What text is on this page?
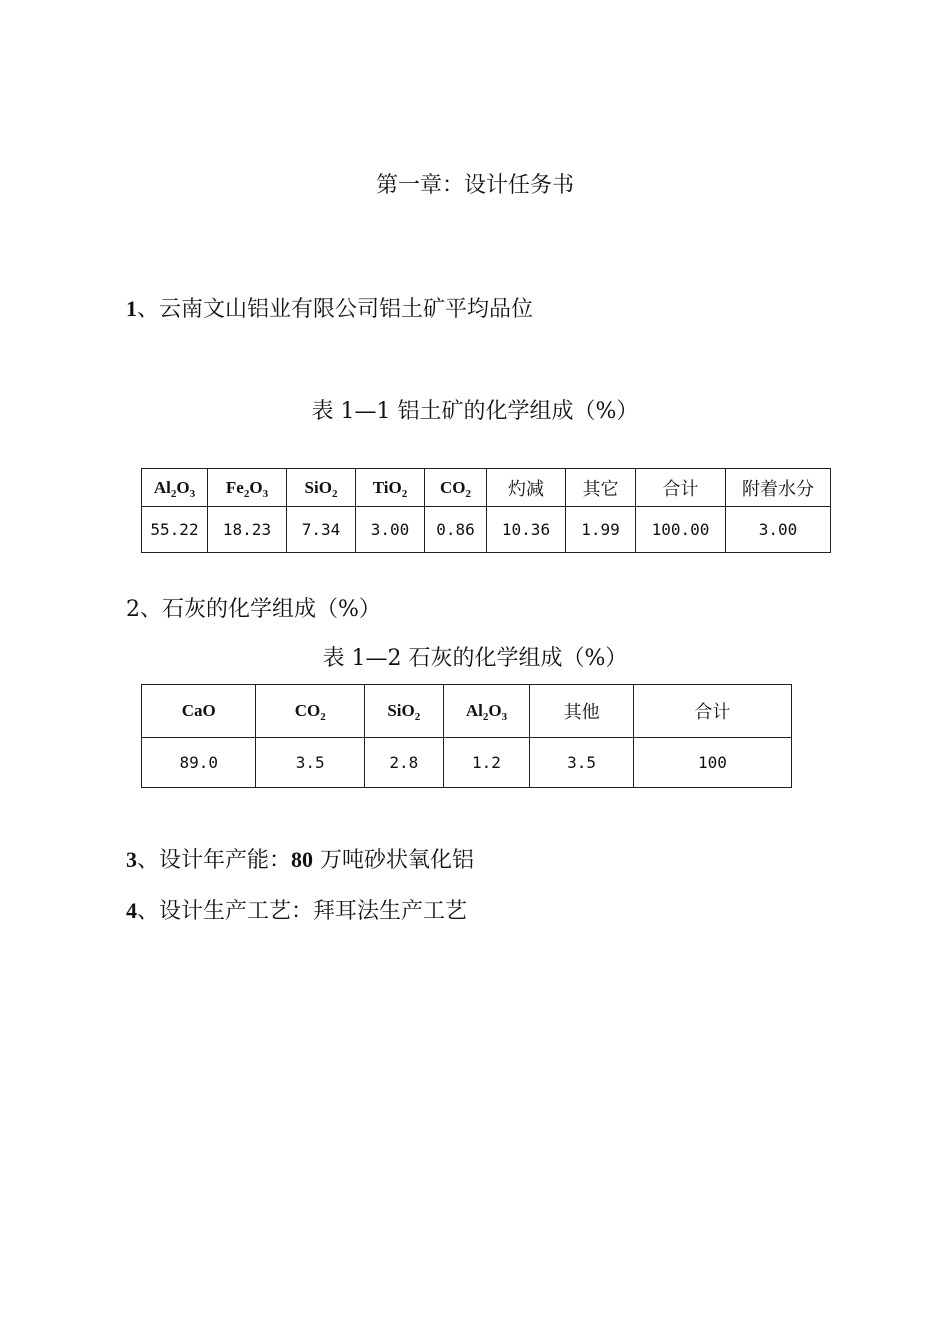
第一章：设计任务书
1、云南文山铝业有限公司铝土矿平均品位
表 1—1 铝土矿的化学组成（%）
$Al_2O_3$	$Fe_2O_3$	SiO$_2$	TiO$_2$	$CO_2$	灼减	其它	合计	附着水分
55.22	18.23	7.34	3.00	0.86	10.36	1.99	100.00	3.00
2、石灰的化学组成（%）
表 1—2 石灰的化学组成（%）
CaO	$CO_2$	SiO$_2$	$Al_2O_3$	其他	合计
89.0	3.5	2.8	1.2	3.5	100
3、设计年产能：80 万吨砂状氧化铝
4、设计生产工艺：拜耳法生产工艺
